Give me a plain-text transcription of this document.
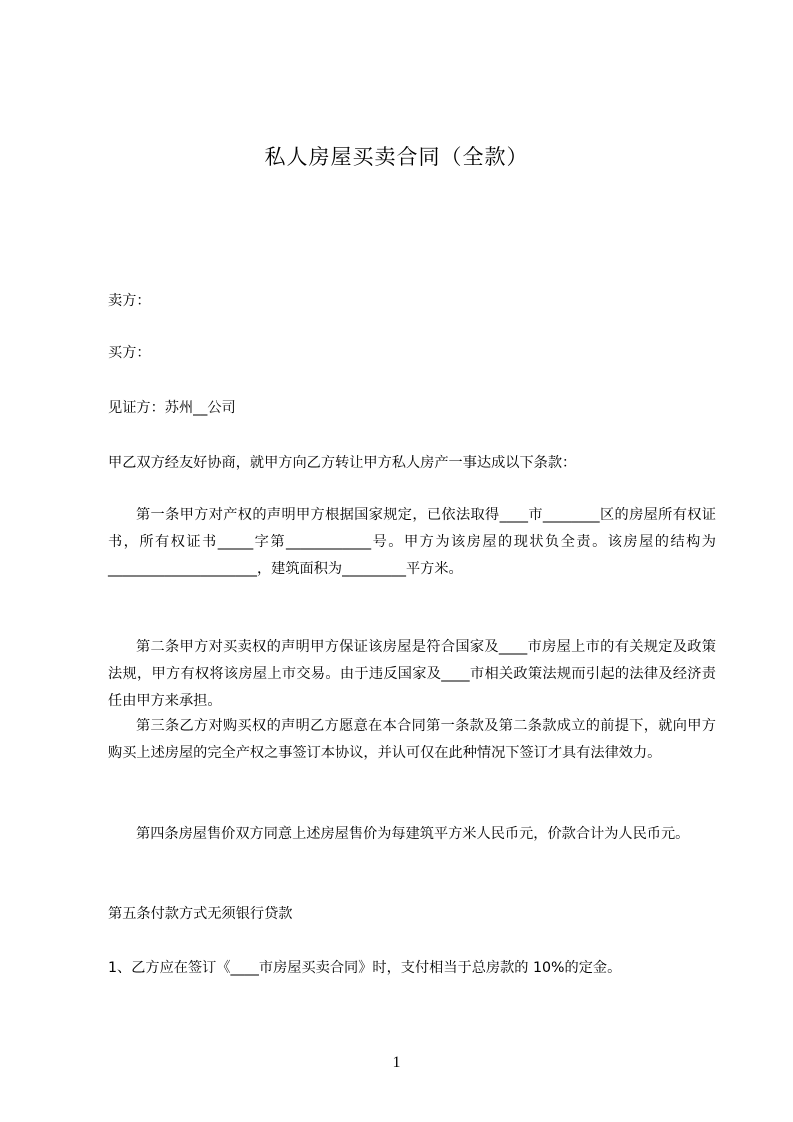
私人房屋买卖合同（全款）
卖方：
买方：
见证方：苏州__公司
甲乙双方经友好协商，就甲方向乙方转让甲方私人房产一事达成以下条款：
第一条甲方对产权的声明甲方根据国家规定，已依法取得____市________区的房屋所有权证书，所有权证书_____字第____________号。甲方为该房屋的现状负全责。该房屋的结构为_____________________，建筑面积为_________平方米。
第二条甲方对买卖权的声明甲方保证该房屋是符合国家及____市房屋上市的有关规定及政策法规，甲方有权将该房屋上市交易。由于违反国家及____市相关政策法规而引起的法律及经济责任由甲方来承担。
第三条乙方对购买权的声明乙方愿意在本合同第一条款及第二条款成立的前提下，就向甲方购买上述房屋的完全产权之事签订本协议，并认可仅在此种情况下签订才具有法律效力。
第四条房屋售价双方同意上述房屋售价为每建筑平方米人民币元，价款合计为人民币元。
第五条付款方式无须银行贷款
1、乙方应在签订《____市房屋买卖合同》时，支付相当于总房款的 10%的定金。
1
